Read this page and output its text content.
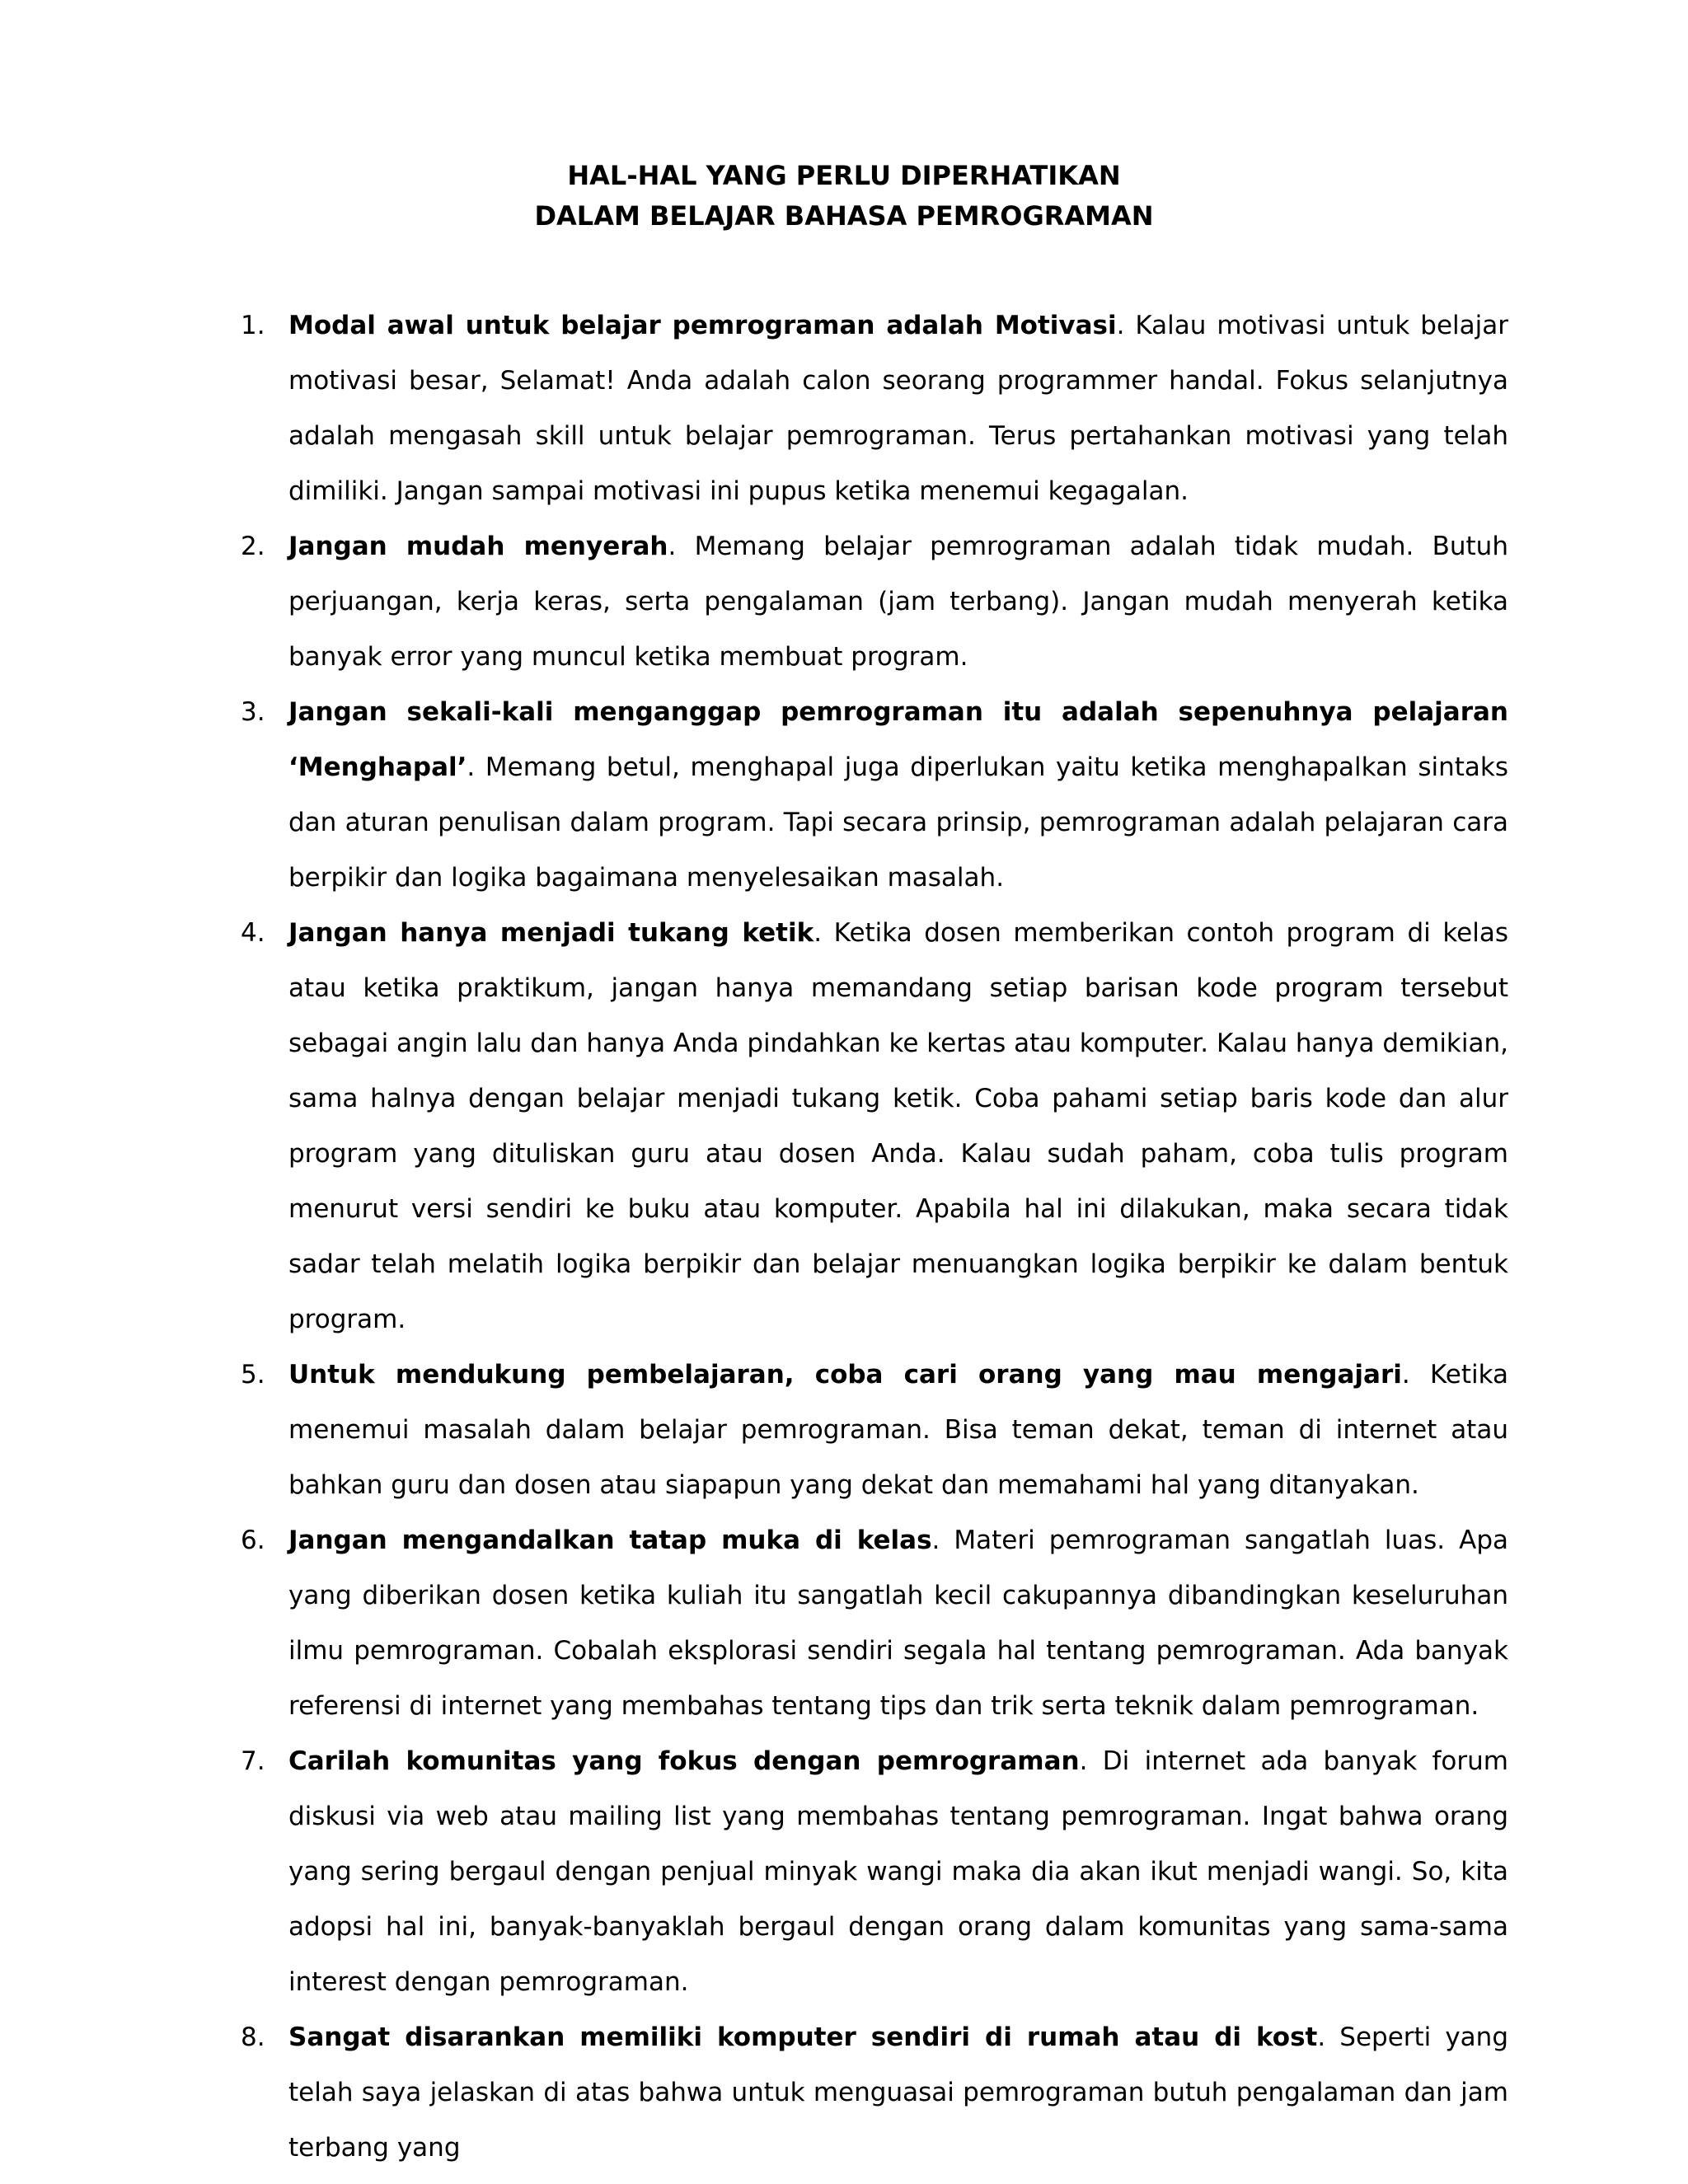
HAL-HAL YANG PERLU DIPERHATIKAN
DALAM BELAJAR BAHASA PEMROGRAMAN
1. Modal awal untuk belajar pemrograman adalah Motivasi. Kalau motivasi untuk belajar motivasi besar, Selamat! Anda adalah calon seorang programmer handal. Fokus selanjutnya adalah mengasah skill untuk belajar pemrograman. Terus pertahankan motivasi yang telah dimiliki. Jangan sampai motivasi ini pupus ketika menemui kegagalan.
2. Jangan mudah menyerah. Memang belajar pemrograman adalah tidak mudah. Butuh perjuangan, kerja keras, serta pengalaman (jam terbang). Jangan mudah menyerah ketika banyak error yang muncul ketika membuat program.
3. Jangan sekali-kali menganggap pemrograman itu adalah sepenuhnya pelajaran ‘Menghapal’. Memang betul, menghapal juga diperlukan yaitu ketika menghapalkan sintaks dan aturan penulisan dalam program. Tapi secara prinsip, pemrograman adalah pelajaran cara berpikir dan logika bagaimana menyelesaikan masalah.
4. Jangan hanya menjadi tukang ketik. Ketika dosen memberikan contoh program di kelas atau ketika praktikum, jangan hanya memandang setiap barisan kode program tersebut sebagai angin lalu dan hanya Anda pindahkan ke kertas atau komputer. Kalau hanya demikian, sama halnya dengan belajar menjadi tukang ketik. Coba pahami setiap baris kode dan alur program yang dituliskan guru atau dosen Anda. Kalau sudah paham, coba tulis program menurut versi sendiri ke buku atau komputer. Apabila hal ini dilakukan, maka secara tidak sadar telah melatih logika berpikir dan belajar menuangkan logika berpikir ke dalam bentuk program.
5. Untuk mendukung pembelajaran, coba cari orang yang mau mengajari. Ketika menemui masalah dalam belajar pemrograman. Bisa teman dekat, teman di internet atau bahkan guru dan dosen atau siapapun yang dekat dan memahami hal yang ditanyakan.
6. Jangan mengandalkan tatap muka di kelas. Materi pemrograman sangatlah luas. Apa yang diberikan dosen ketika kuliah itu sangatlah kecil cakupannya dibandingkan keseluruhan ilmu pemrograman. Cobalah eksplorasi sendiri segala hal tentang pemrograman. Ada banyak referensi di internet yang membahas tentang tips dan trik serta teknik dalam pemrograman.
7. Carilah komunitas yang fokus dengan pemrograman. Di internet ada banyak forum diskusi via web atau mailing list yang membahas tentang pemrograman. Ingat bahwa orang yang sering bergaul dengan penjual minyak wangi maka dia akan ikut menjadi wangi. So, kita adopsi hal ini, banyak-banyaklah bergaul dengan orang dalam komunitas yang sama-sama interest dengan pemrograman.
8. Sangat disarankan memiliki komputer sendiri di rumah atau di kost. Seperti yang telah saya jelaskan di atas bahwa untuk menguasai pemrograman butuh pengalaman dan jam terbang yang
